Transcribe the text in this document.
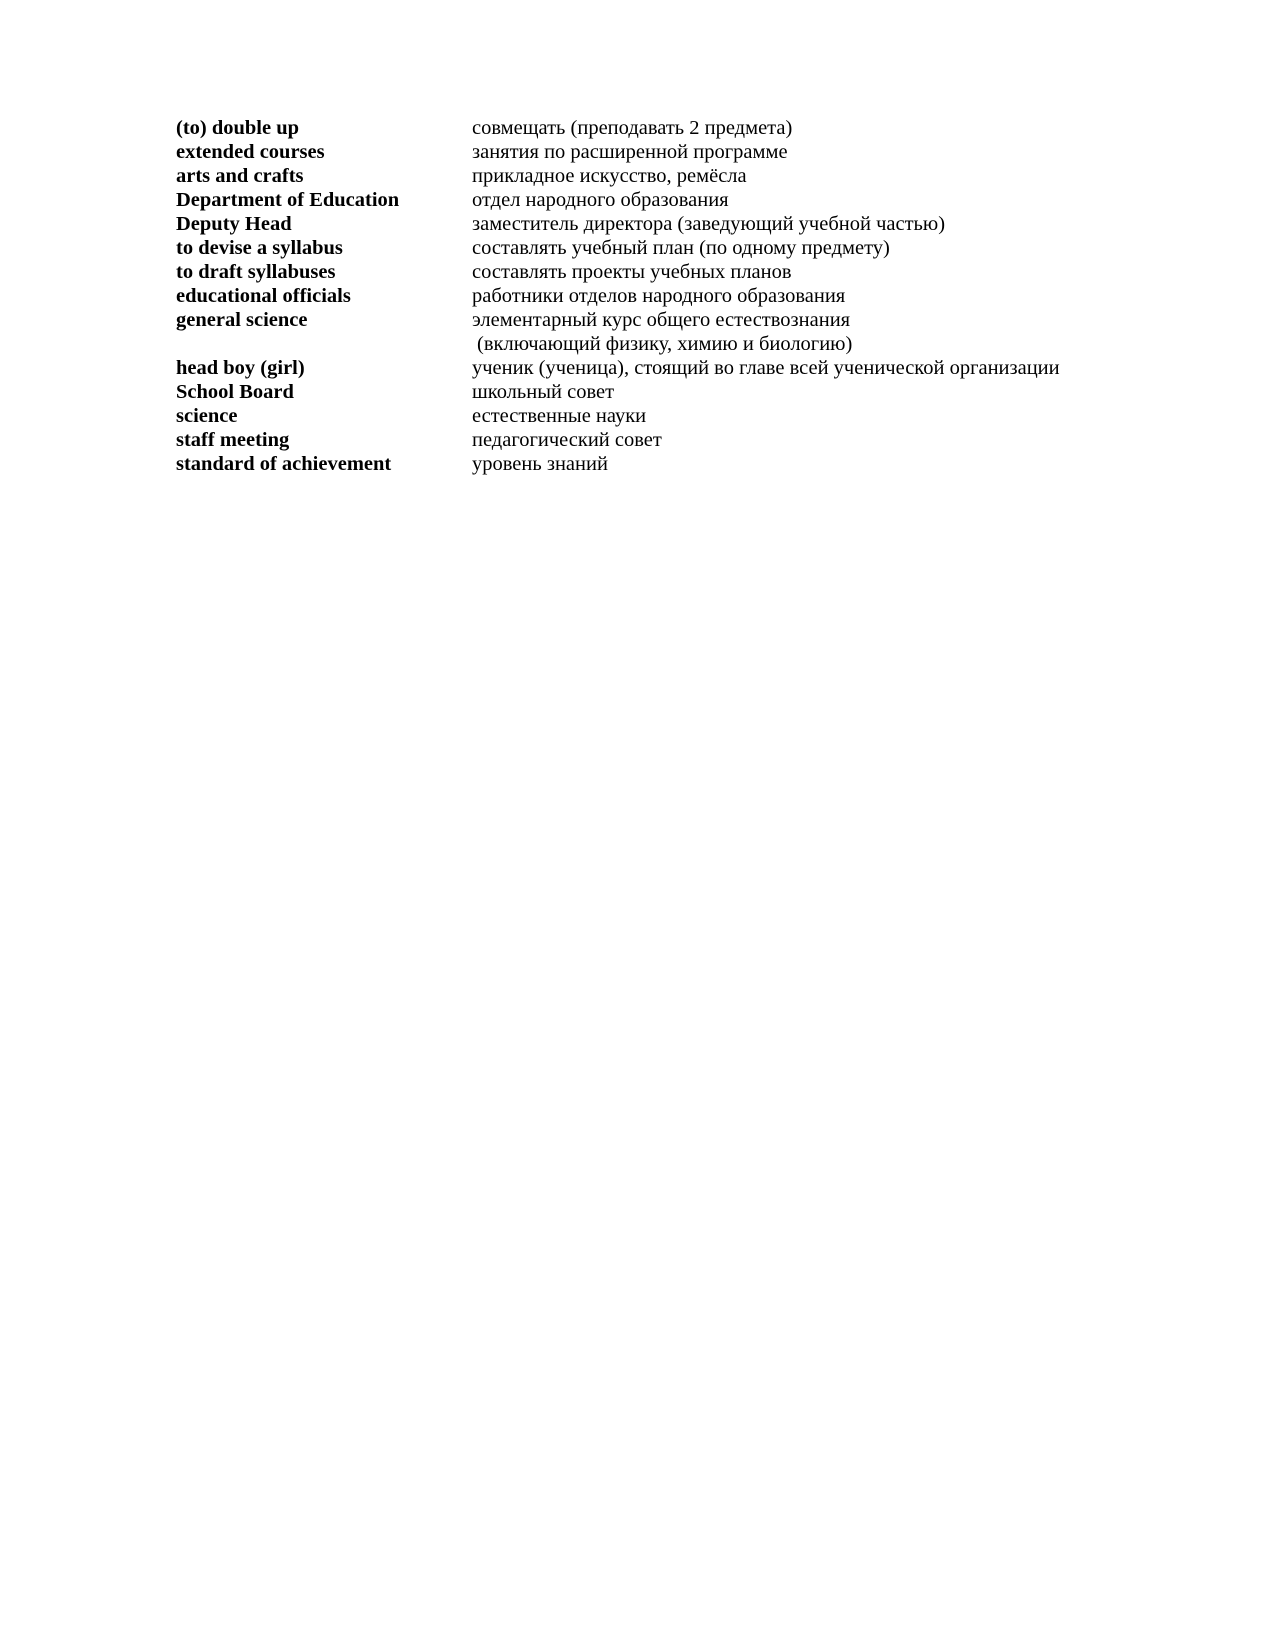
(to) double up	совмещать (преподавать 2 предмета)
extended courses	занятия по расширенной программе
arts and crafts	прикладное искусство, ремёсла
Department of Education	отдел народного образования
Deputy Head	заместитель директора (заведующий учебной частью)
to devise a syllabus	составлять учебный план (по одному предмету)
to draft syllabuses	составлять проекты учебных планов
educational officials	работники отделов народного образования
general science	элементарный курс общего естествознания
(включающий физику, химию и биологию)
head boy (girl)	ученик (ученица), стоящий во главе всей ученической организации
School Board	школьный совет
science	естественные науки
staff meeting	педагогический совет
standard of achievement	уровень знаний
